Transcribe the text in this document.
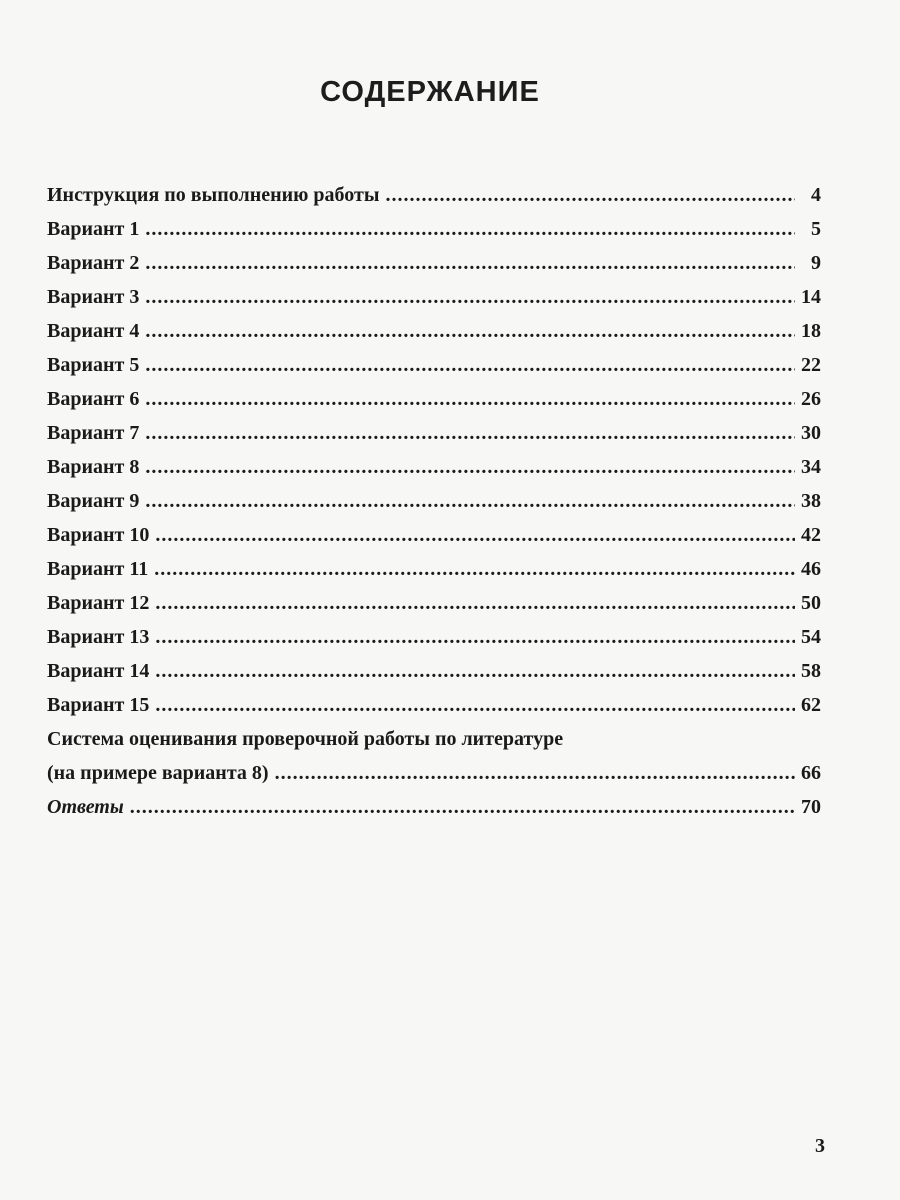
СОДЕРЖАНИЕ
Инструкция по выполнению работы .....	4
Вариант 1 .....	5
Вариант 2 .....	9
Вариант 3 .....	14
Вариант 4 .....	18
Вариант 5 .....	22
Вариант 6 .....	26
Вариант 7 .....	30
Вариант 8 .....	34
Вариант 9 .....	38
Вариант 10 .....	42
Вариант 11 .....	46
Вариант 12 .....	50
Вариант 13 .....	54
Вариант 14 .....	58
Вариант 15 .....	62
Система оценивания проверочной работы по литературе
(на примере варианта 8) .....	66
Ответы .....	70
3
